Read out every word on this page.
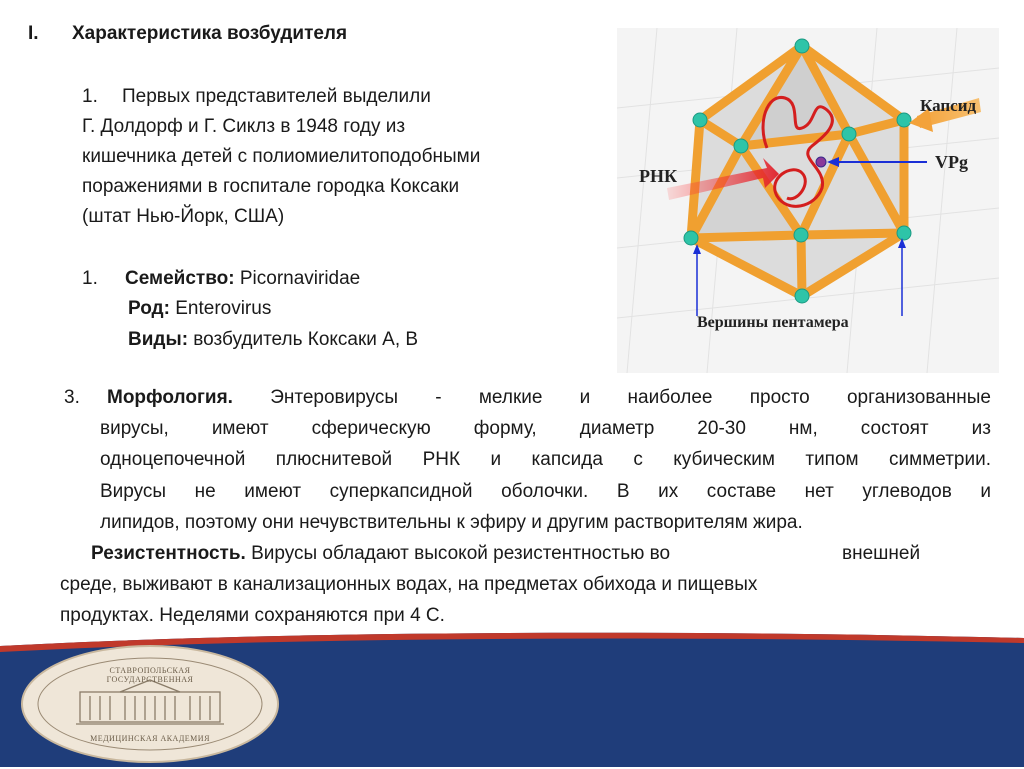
I. Характеристика возбудителя
1. Первых представителей выделили
Г. Долдорф и Г. Сиклз в 1948 году из
кишечника детей с полиомиелитоподобными
поражениями в госпитале городка Коксаки
(штат Нью-Йорк, США)
1. Семейство: Picornaviridae
Род: Enterovirus
Виды: возбудитель Коксаки А, В
Капсид
VPg
РНК
Вершины пентамера
3. Морфология. Энтеровирусы - мелкие и наиболее просто организованные
вирусы, имеют сферическую форму, диаметр 20-30 нм, состоят из
одноцепочечной плюснитевой РНК и капсида с кубическим типом симметрии.
Вирусы не имеют суперкапсидной оболочки. В их составе нет углеводов и
липидов, поэтому они нечувствительны к эфиру и другим растворителям жира.
Резистентность. Вирусы обладают высокой резистентностью во	внешней
среде, выживают в канализационных водах, на предметах обихода и пищевых
продуктах. Неделями сохраняются при 4 С.
СТАВРОПОЛЬСКАЯ ГОСУДАРСТВЕННАЯ
МЕДИЦИНСКАЯ АКАДЕМИЯ
